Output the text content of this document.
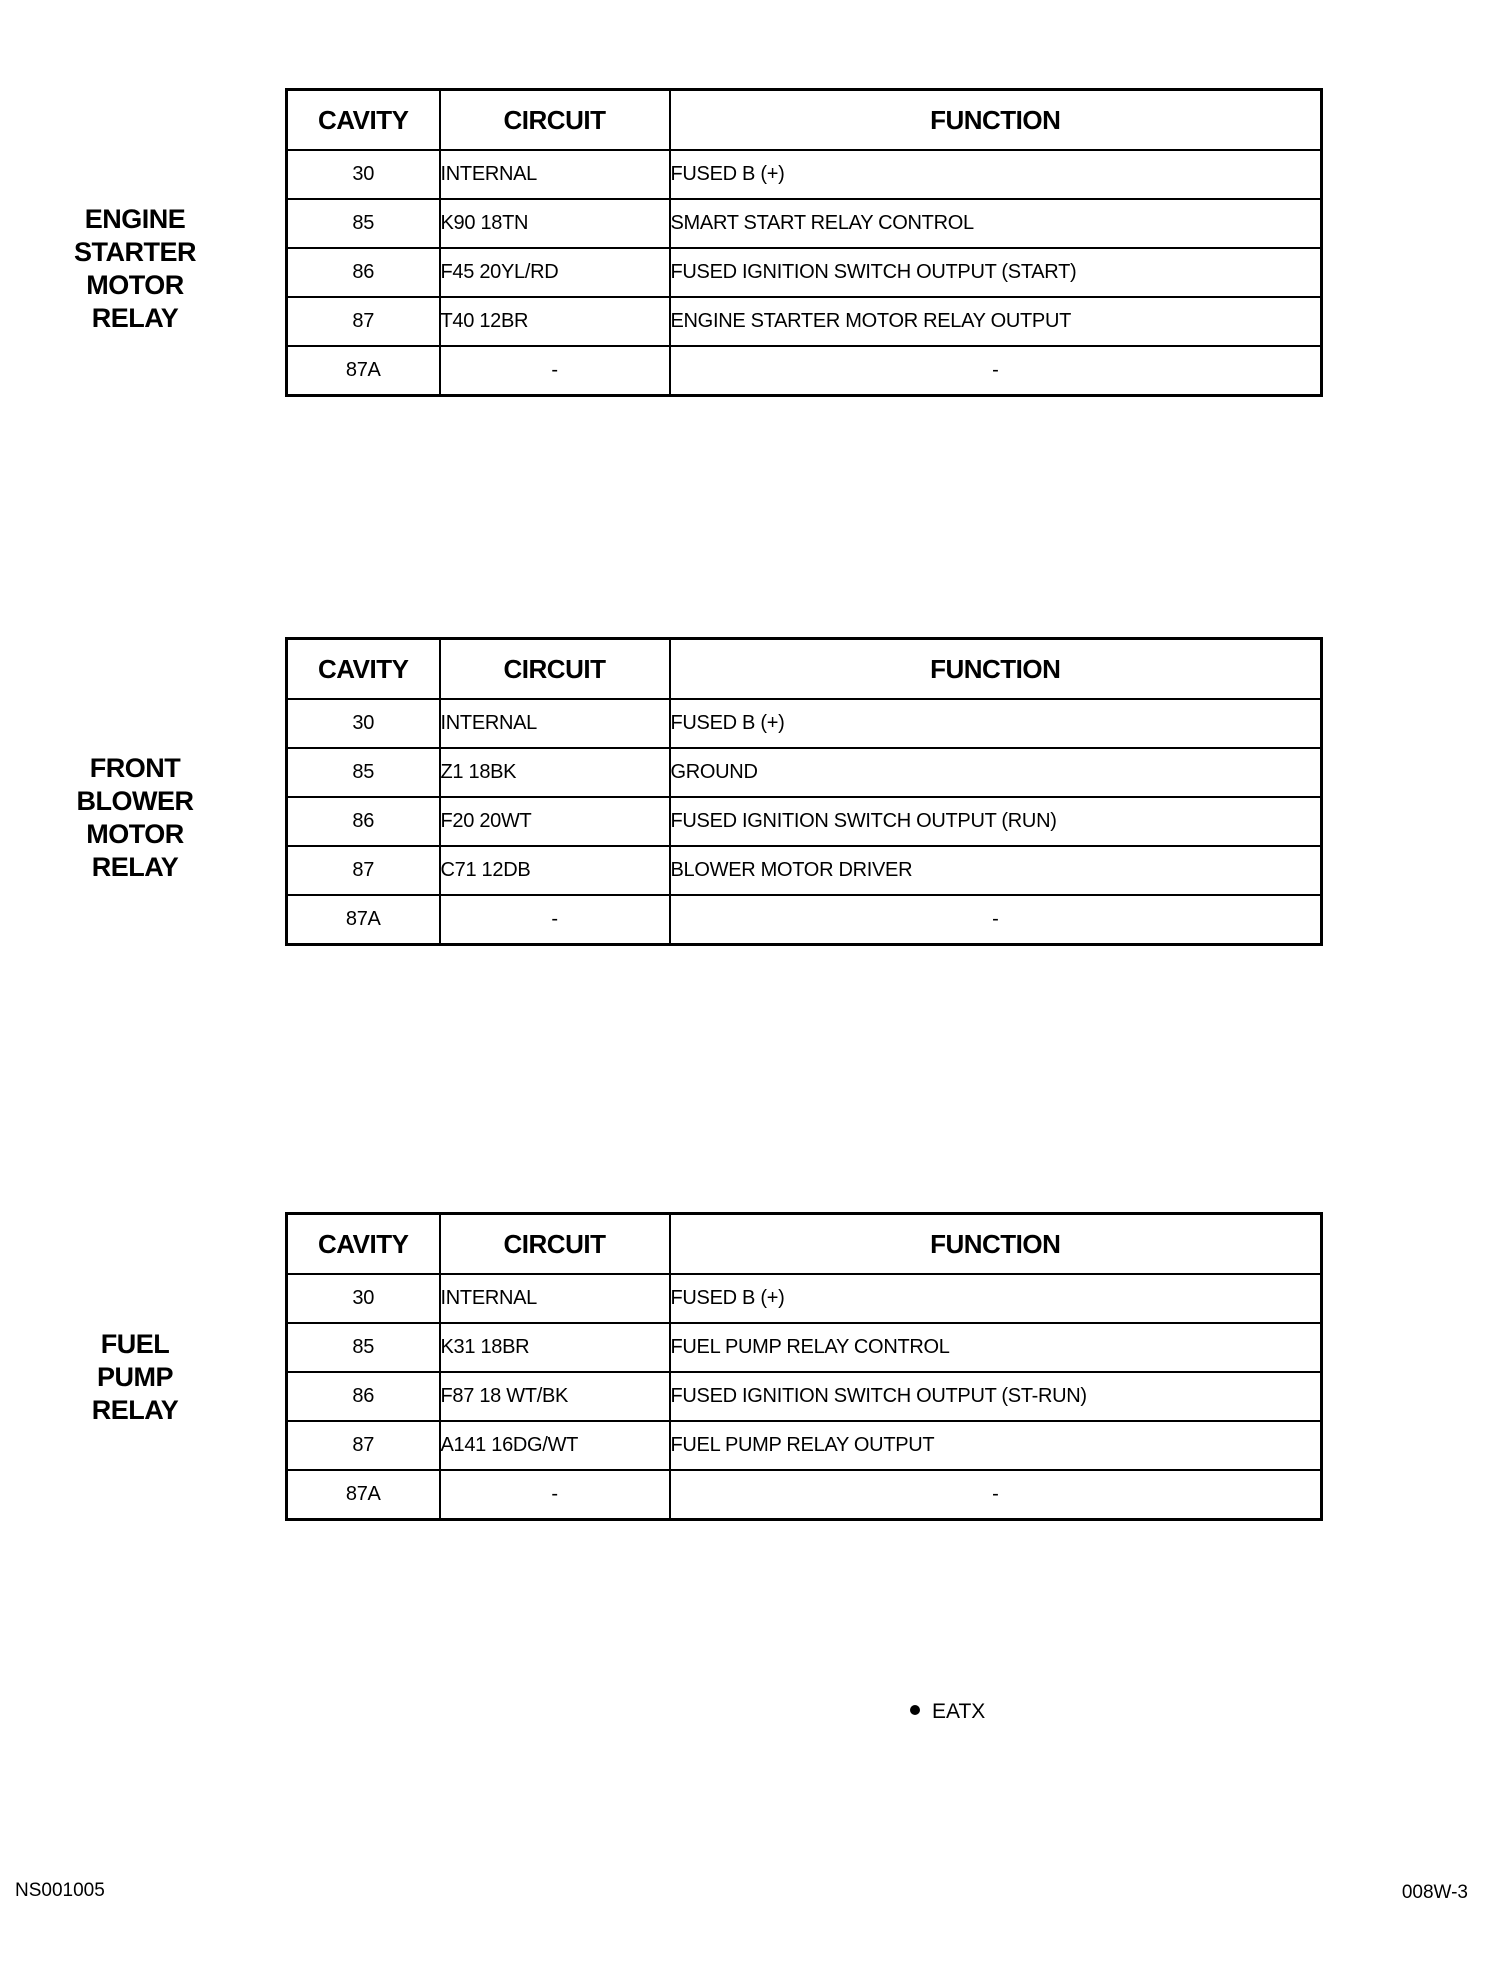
ENGINE
STARTER
MOTOR
RELAY
CAVITY	CIRCUIT	FUNCTION
30	INTERNAL	FUSED B (+)
85	K90 18TN	SMART START RELAY CONTROL
86	F45 20YL/RD	FUSED IGNITION SWITCH OUTPUT (START)
87	T40 12BR	ENGINE STARTER MOTOR RELAY OUTPUT
87A	-	-
FRONT
BLOWER
MOTOR
RELAY
CAVITY	CIRCUIT	FUNCTION
30	INTERNAL	FUSED B (+)
85	Z1 18BK	GROUND
86	F20 20WT	FUSED IGNITION SWITCH OUTPUT (RUN)
87	C71 12DB	BLOWER MOTOR DRIVER
87A	-	-
FUEL
PUMP
RELAY
CAVITY	CIRCUIT	FUNCTION
30	INTERNAL	FUSED B (+)
85	K31 18BR	FUEL PUMP RELAY CONTROL
86	F87 18 WT/BK	FUSED IGNITION SWITCH OUTPUT (ST-RUN)
87	A141 16DG/WT	FUEL PUMP RELAY OUTPUT
87A	-	-
EATX
NS001005	008W-3
